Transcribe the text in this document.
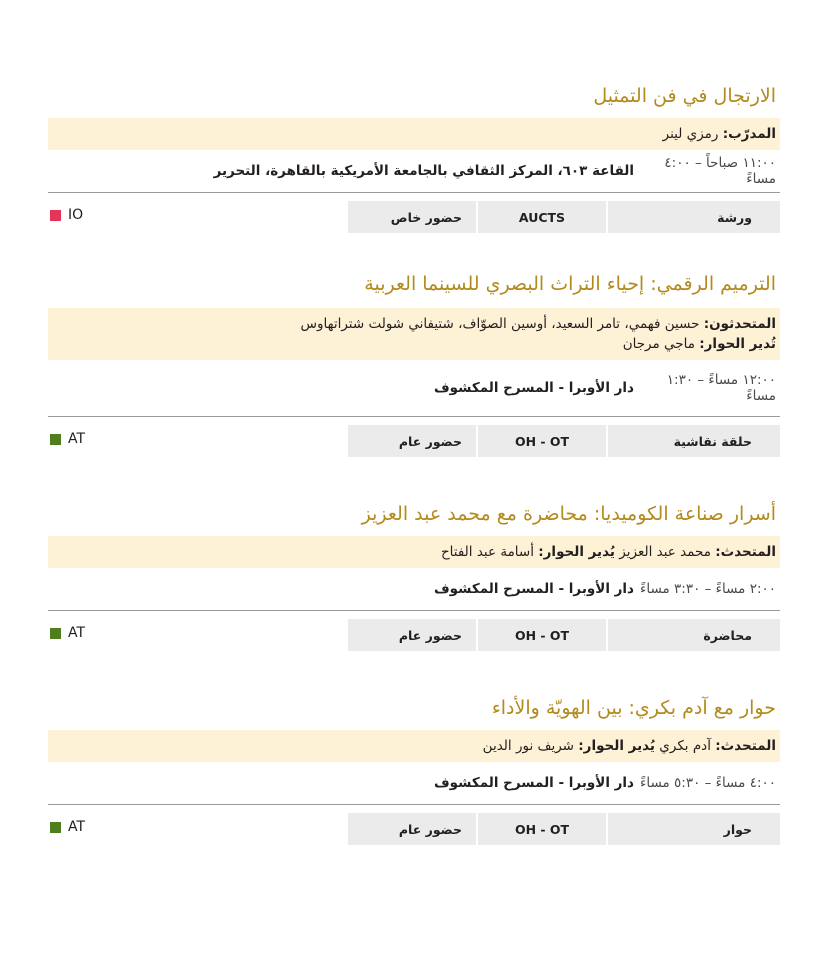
الارتجال في فن التمثيل
المدرّب: رمزي لينر
١١:٠٠ صباحاً – ٤:٠٠ مساءً
القاعة ٦٠٣، المركز الثقافي بالجامعة الأمريكية بالقاهرة، التحرير
ورشة
AUCTS
حضور خاص
IO
الترميم الرقمي: إحياء التراث البصري للسينما العربية
المتحدثون: حسين فهمي، تامر السعيد، أوسين الصوّاف، شتيفاني شولت شتراتهاوس
تُدير الحوار: ماجي مرجان
١٢:٠٠ مساءً – ١:٣٠ مساءً
دار الأوبرا - المسرح المكشوف
حلقة نقاشية
OH - OT
حضور عام
AT
أسرار صناعة الكوميديا: محاضرة مع محمد عبد العزيز
المتحدث: محمد عبد العزيز يُدير الحوار: أسامة عبد الفتاح
٢:٠٠ مساءً – ٣:٣٠ مساءً
دار الأوبرا - المسرح المكشوف
محاضرة
OH - OT
حضور عام
AT
حوار مع آدم بكري: بين الهويّة والأداء
المتحدث: آدم بكري يُدير الحوار: شريف نور الدين
٤:٠٠ مساءً – ٥:٣٠ مساءً
دار الأوبرا - المسرح المكشوف
حوار
OH - OT
حضور عام
AT
